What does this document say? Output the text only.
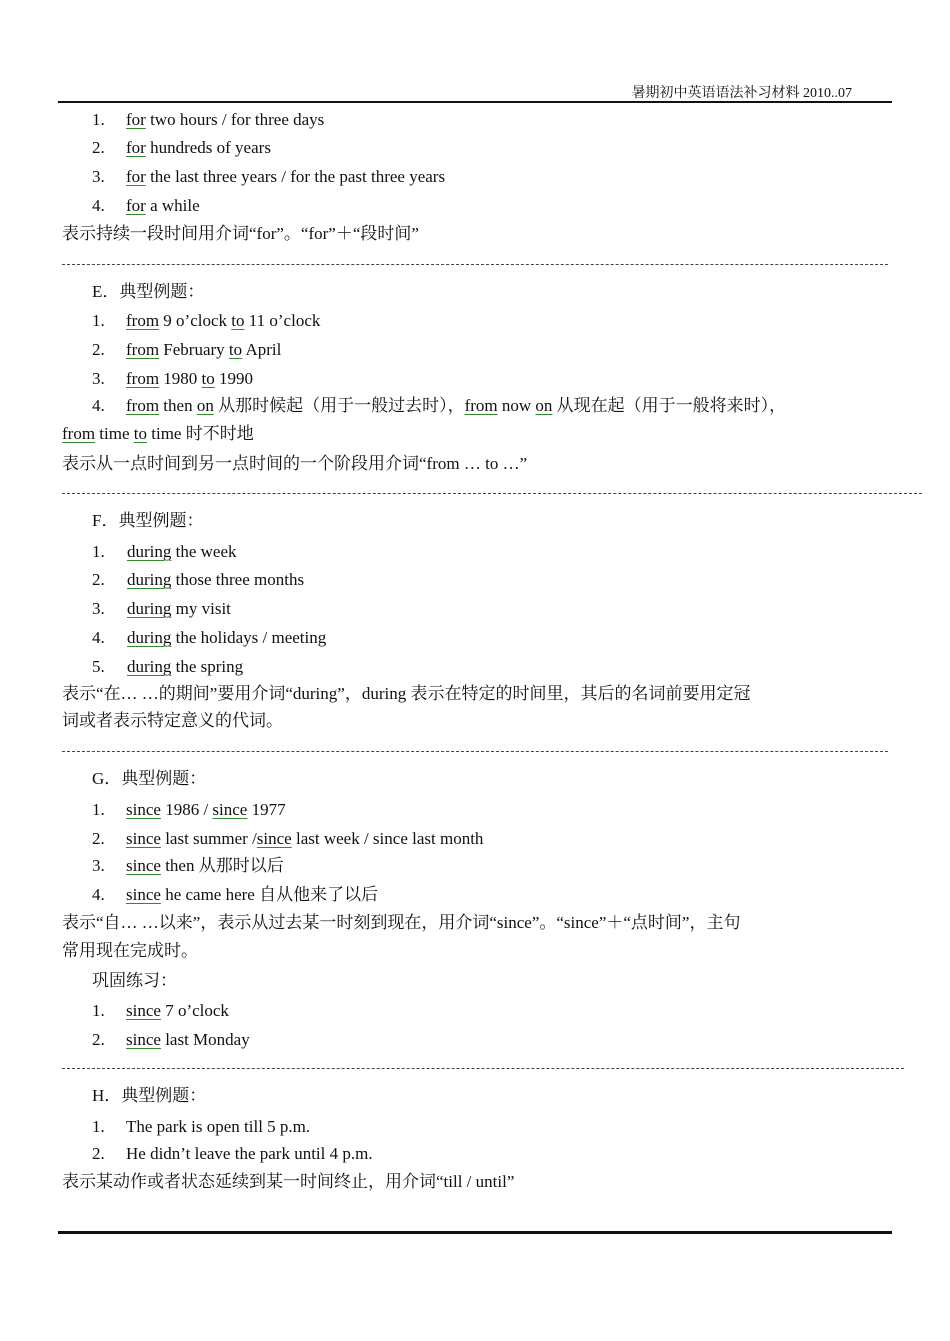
暑期初中英语语法补习材料 2010..07
1. for two hours / for three days
2. for hundreds of years
3. for the last three years / for the past three years
4. for a while
表示持续一段时间用介词“for”。“for”＋“段时间”
E．典型例题：
1. from 9 o’clock to 11 o’clock
2. from February to April
3. from 1980 to 1990
4. from then on 从那时候起（用于一般过去时），from now on 从现在起（用于一般将来时），
from time to time 时不时地
表示从一点时间到另一点时间的一个阶段用介词“from … to …”
F．典型例题：
1. during the week
2. during those three months
3. during my visit
4. during the holidays / meeting
5. during the spring
表示“在… …的期间”要用介词“during”，during 表示在特定的时间里，其后的名词前要用定冠
词或者表示特定意义的代词。
G．典型例题：
1. since 1986 / since 1977
2. since last summer /since last week / since last month
3. since then 从那时以后
4. since he came here 自从他来了以后
表示“自… …以来”，表示从过去某一时刻到现在，用介词“since”。“since”＋“点时间”，主句
常用现在完成时。
巩固练习：
1. since 7 o’clock
2. since last Monday
H．典型例题：
1. The park is open till 5 p.m.
2. He didn’t leave the park until 4 p.m.
表示某动作或者状态延续到某一时间终止，用介词“till / until”
